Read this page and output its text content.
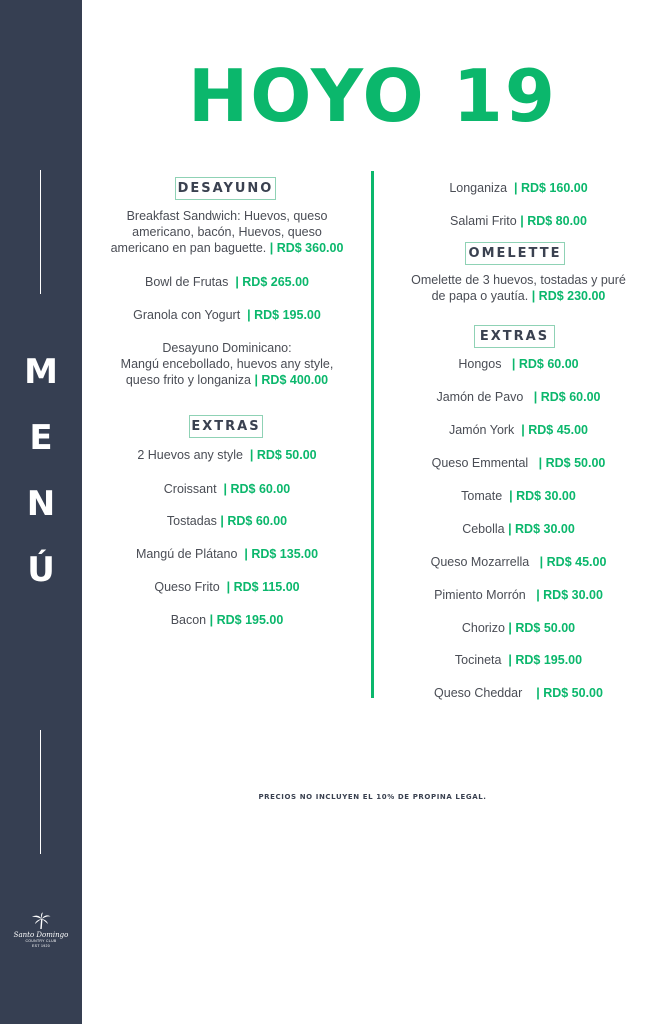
M
E
N
Ú
Santo Domingo
COUNTRY CLUB
EST 1920
HOYO 19
DESAYUNO
Breakfast Sandwich: Huevos, queso
americano, bacón, Huevos, queso
americano en pan baguette. | RD$ 360.00
Bowl de Frutas | RD$ 265.00
Granola con Yogurt | RD$ 195.00
Desayuno Dominicano:
Mangú encebollado, huevos any style,
queso frito y longaniza | RD$ 400.00
EXTRAS
2 Huevos any style | RD$ 50.00
Croissant | RD$ 60.00
Tostadas | RD$ 60.00
Mangú de Plátano | RD$ 135.00
Queso Frito | RD$ 115.00
Bacon | RD$ 195.00
Longaniza | RD$ 160.00
Salami Frito | RD$ 80.00
OMELETTE
Omelette de 3 huevos, tostadas y puré
de papa o yautía. | RD$ 230.00
EXTRAS
Hongos | RD$ 60.00
Jamón de Pavo | RD$ 60.00
Jamón York | RD$ 45.00
Queso Emmental | RD$ 50.00
Tomate | RD$ 30.00
Cebolla | RD$ 30.00
Queso Mozarrella | RD$ 45.00
Pimiento Morrón | RD$ 30.00
Chorizo | RD$ 50.00
Tocineta | RD$ 195.00
Queso Cheddar | RD$ 50.00
PRECIOS NO INCLUYEN EL 10% DE PROPINA LEGAL.
